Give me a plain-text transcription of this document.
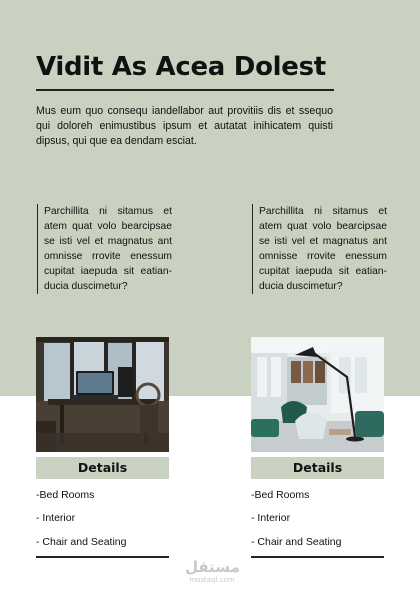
Vidit As Acea Dolest
Mus eum quo consequ iandellabor aut provitiis dis et ssequo qui doloreh enimustibus ipsum et autatat inihicatem quisti dipsus, qui que ea dendam esciat.
Parchillita ni sitamus et atem quat volo bearcipsae se isti vel et magnatus ant omnisse rrovite enessum cupitat iaepuda sit eatian-ducia duscimetur?
Parchillita ni sitamus et atem quat volo bearcipsae se isti vel et magnatus ant omnisse rrovite enessum cupitat iaepuda sit eatian-ducia duscimetur?
Details	Details
-Bed Rooms
- Interior
- Chair and Seating
-Bed Rooms
- Interior
- Chair and Seating
مستقل
mostaql.com
